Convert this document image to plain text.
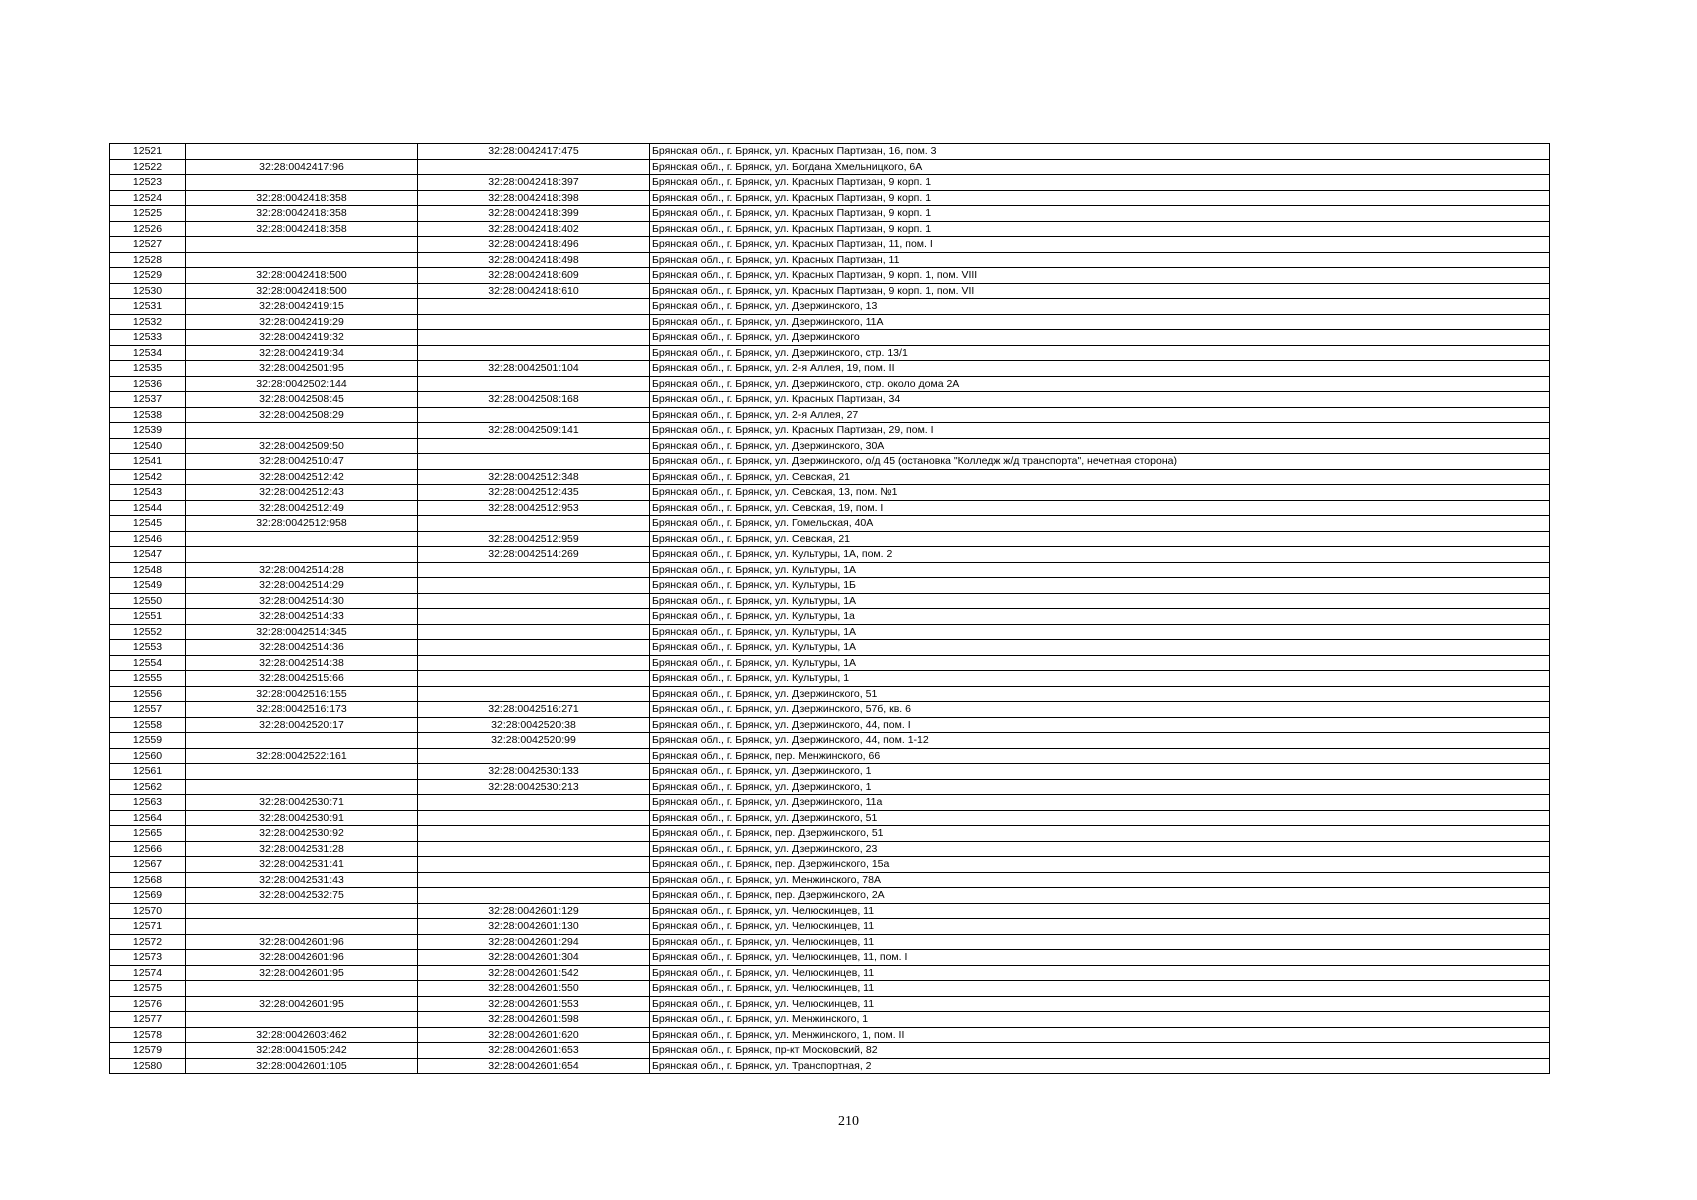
12521		32:28:0042417:475	Брянская обл., г. Брянск, ул. Красных Партизан, 16, пом. 3
12522	32:28:0042417:96		Брянская обл., г. Брянск, ул. Богдана Хмельницкого, 6А
12523		32:28:0042418:397	Брянская обл., г. Брянск, ул. Красных Партизан, 9 корп. 1
12524	32:28:0042418:358	32:28:0042418:398	Брянская обл., г. Брянск, ул. Красных Партизан, 9 корп. 1
12525	32:28:0042418:358	32:28:0042418:399	Брянская обл., г. Брянск, ул. Красных Партизан, 9 корп. 1
12526	32:28:0042418:358	32:28:0042418:402	Брянская обл., г. Брянск, ул. Красных Партизан, 9 корп. 1
12527		32:28:0042418:496	Брянская обл., г. Брянск, ул. Красных Партизан, 11, пом. I
12528		32:28:0042418:498	Брянская обл., г. Брянск, ул. Красных Партизан, 11
12529	32:28:0042418:500	32:28:0042418:609	Брянская обл., г. Брянск, ул. Красных Партизан, 9 корп. 1, пом. VIII
12530	32:28:0042418:500	32:28:0042418:610	Брянская обл., г. Брянск, ул. Красных Партизан, 9 корп. 1, пом. VII
12531	32:28:0042419:15		Брянская обл., г. Брянск, ул. Дзержинского, 13
12532	32:28:0042419:29		Брянская обл., г. Брянск, ул. Дзержинского, 11А
12533	32:28:0042419:32		Брянская обл., г. Брянск, ул. Дзержинского
12534	32:28:0042419:34		Брянская обл., г. Брянск, ул. Дзержинского, стр. 13/1
12535	32:28:0042501:95	32:28:0042501:104	Брянская обл., г. Брянск, ул. 2-я Аллея, 19, пом. II
12536	32:28:0042502:144		Брянская обл., г. Брянск, ул. Дзержинского, стр. около дома 2А
12537	32:28:0042508:45	32:28:0042508:168	Брянская обл., г. Брянск, ул. Красных Партизан, 34
12538	32:28:0042508:29		Брянская обл., г. Брянск, ул. 2-я Аллея, 27
12539		32:28:0042509:141	Брянская обл., г. Брянск, ул. Красных Партизан, 29, пом. I
12540	32:28:0042509:50		Брянская обл., г. Брянск, ул. Дзержинского, 30А
12541	32:28:0042510:47		Брянская обл., г. Брянск, ул. Дзержинского, о/д 45 (остановка "Колледж ж/д транспорта", нечетная сторона)
12542	32:28:0042512:42	32:28:0042512:348	Брянская обл., г. Брянск, ул. Севская, 21
12543	32:28:0042512:43	32:28:0042512:435	Брянская обл., г. Брянск, ул. Севская, 13, пом. №1
12544	32:28:0042512:49	32:28:0042512:953	Брянская обл., г. Брянск, ул. Севская, 19, пом. I
12545	32:28:0042512:958		Брянская обл., г. Брянск, ул. Гомельская, 40А
12546		32:28:0042512:959	Брянская обл., г. Брянск, ул. Севская, 21
12547		32:28:0042514:269	Брянская обл., г. Брянск, ул. Культуры, 1А, пом. 2
12548	32:28:0042514:28		Брянская обл., г. Брянск, ул. Культуры, 1А
12549	32:28:0042514:29		Брянская обл., г. Брянск, ул. Культуры, 1Б
12550	32:28:0042514:30		Брянская обл., г. Брянск, ул. Культуры, 1А
12551	32:28:0042514:33		Брянская обл., г. Брянск, ул. Культуры, 1а
12552	32:28:0042514:345		Брянская обл., г. Брянск, ул. Культуры, 1А
12553	32:28:0042514:36		Брянская обл., г. Брянск, ул. Культуры, 1А
12554	32:28:0042514:38		Брянская обл., г. Брянск, ул. Культуры, 1А
12555	32:28:0042515:66		Брянская обл., г. Брянск, ул. Культуры, 1
12556	32:28:0042516:155		Брянская обл., г. Брянск, ул. Дзержинского, 51
12557	32:28:0042516:173	32:28:0042516:271	Брянская обл., г. Брянск, ул. Дзержинского, 57б, кв. 6
12558	32:28:0042520:17	32:28:0042520:38	Брянская обл., г. Брянск, ул. Дзержинского, 44, пом. I
12559		32:28:0042520:99	Брянская обл., г. Брянск, ул. Дзержинского, 44, пом. 1-12
12560	32:28:0042522:161		Брянская обл., г. Брянск, пер. Менжинского, 66
12561		32:28:0042530:133	Брянская обл., г. Брянск, ул. Дзержинского, 1
12562		32:28:0042530:213	Брянская обл., г. Брянск, ул. Дзержинского, 1
12563	32:28:0042530:71		Брянская обл., г. Брянск, ул. Дзержинского, 11а
12564	32:28:0042530:91		Брянская обл., г. Брянск, ул. Дзержинского, 51
12565	32:28:0042530:92		Брянская обл., г. Брянск, пер. Дзержинского, 51
12566	32:28:0042531:28		Брянская обл., г. Брянск, ул. Дзержинского, 23
12567	32:28:0042531:41		Брянская обл., г. Брянск, пер. Дзержинского, 15а
12568	32:28:0042531:43		Брянская обл., г. Брянск, ул. Менжинского, 78А
12569	32:28:0042532:75		Брянская обл., г. Брянск, пер. Дзержинского, 2А
12570		32:28:0042601:129	Брянская обл., г. Брянск, ул. Челюскинцев, 11
12571		32:28:0042601:130	Брянская обл., г. Брянск, ул. Челюскинцев, 11
12572	32:28:0042601:96	32:28:0042601:294	Брянская обл., г. Брянск, ул. Челюскинцев, 11
12573	32:28:0042601:96	32:28:0042601:304	Брянская обл., г. Брянск, ул. Челюскинцев, 11, пом. I
12574	32:28:0042601:95	32:28:0042601:542	Брянская обл., г. Брянск, ул. Челюскинцев, 11
12575		32:28:0042601:550	Брянская обл., г. Брянск, ул. Челюскинцев, 11
12576	32:28:0042601:95	32:28:0042601:553	Брянская обл., г. Брянск, ул. Челюскинцев, 11
12577		32:28:0042601:598	Брянская обл., г. Брянск, ул. Менжинского, 1
12578	32:28:0042603:462	32:28:0042601:620	Брянская обл., г. Брянск, ул. Менжинского, 1, пом. II
12579	32:28:0041505:242	32:28:0042601:653	Брянская обл., г. Брянск, пр-кт Московский, 82
12580	32:28:0042601:105	32:28:0042601:654	Брянская обл., г. Брянск, ул. Транспортная, 2
210
